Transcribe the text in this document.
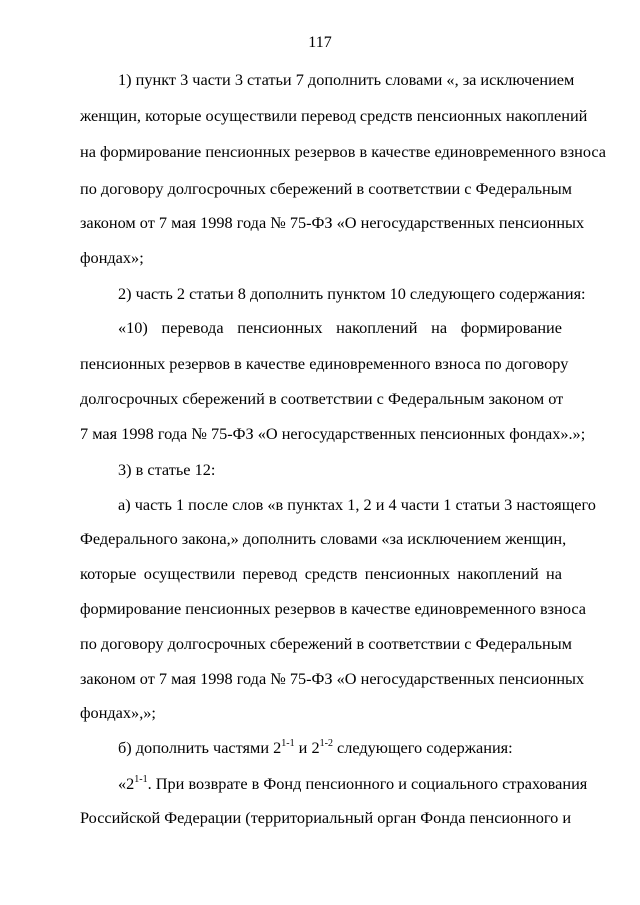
117
1) пункт 3 части 3 статьи 7 дополнить словами «, за исключением
женщин, которые осуществили перевод средств пенсионных накоплений
на формирование пенсионных резервов в качестве единовременного взноса
по договору долгосрочных сбережений в соответствии с Федеральным
законом от 7 мая 1998 года № 75-ФЗ «О негосударственных пенсионных
фондах»;
2) часть 2 статьи 8 дополнить пунктом 10 следующего содержания:
«10) перевода пенсионных накоплений на формирование
пенсионных резервов в качестве единовременного взноса по договору
долгосрочных сбережений в соответствии с Федеральным законом от
7 мая 1998 года № 75-ФЗ «О негосударственных пенсионных фондах».»;
3) в статье 12:
а) часть 1 после слов «в пунктах 1, 2 и 4 части 1 статьи 3 настоящего
Федерального закона,» дополнить словами «за исключением женщин,
которые осуществили перевод средств пенсионных накоплений на
формирование пенсионных резервов в качестве единовременного взноса
по договору долгосрочных сбережений в соответствии с Федеральным
законом от 7 мая 1998 года № 75-ФЗ «О негосударственных пенсионных
фондах»,»;
б) дополнить частями 2$^{1-1}$ и 2$^{1-2}$ следующего содержания:
«2$^{1-1}$. При возврате в Фонд пенсионного и социального страхования
Российской Федерации (территориальный орган Фонда пенсионного и
